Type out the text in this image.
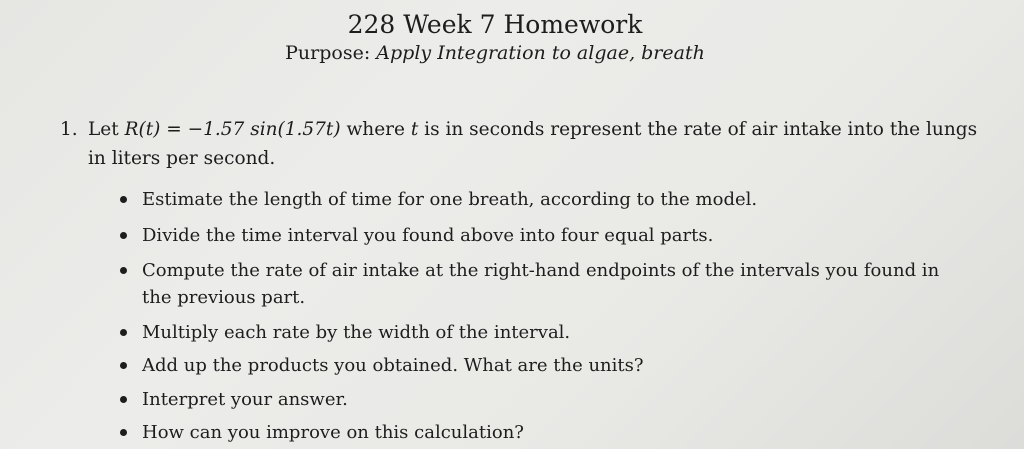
228 Week 7 Homework
Purpose: Apply Integration to algae, breath
1. Let R(t) = −1.57 sin(1.57t) where t is in seconds represent the rate of air intake into the lungs in liters per second.
Estimate the length of time for one breath, according to the model.
Divide the time interval you found above into four equal parts.
Compute the rate of air intake at the right-hand endpoints of the intervals you found in the previous part.
Multiply each rate by the width of the interval.
Add up the products you obtained. What are the units?
Interpret your answer.
How can you improve on this calculation?
